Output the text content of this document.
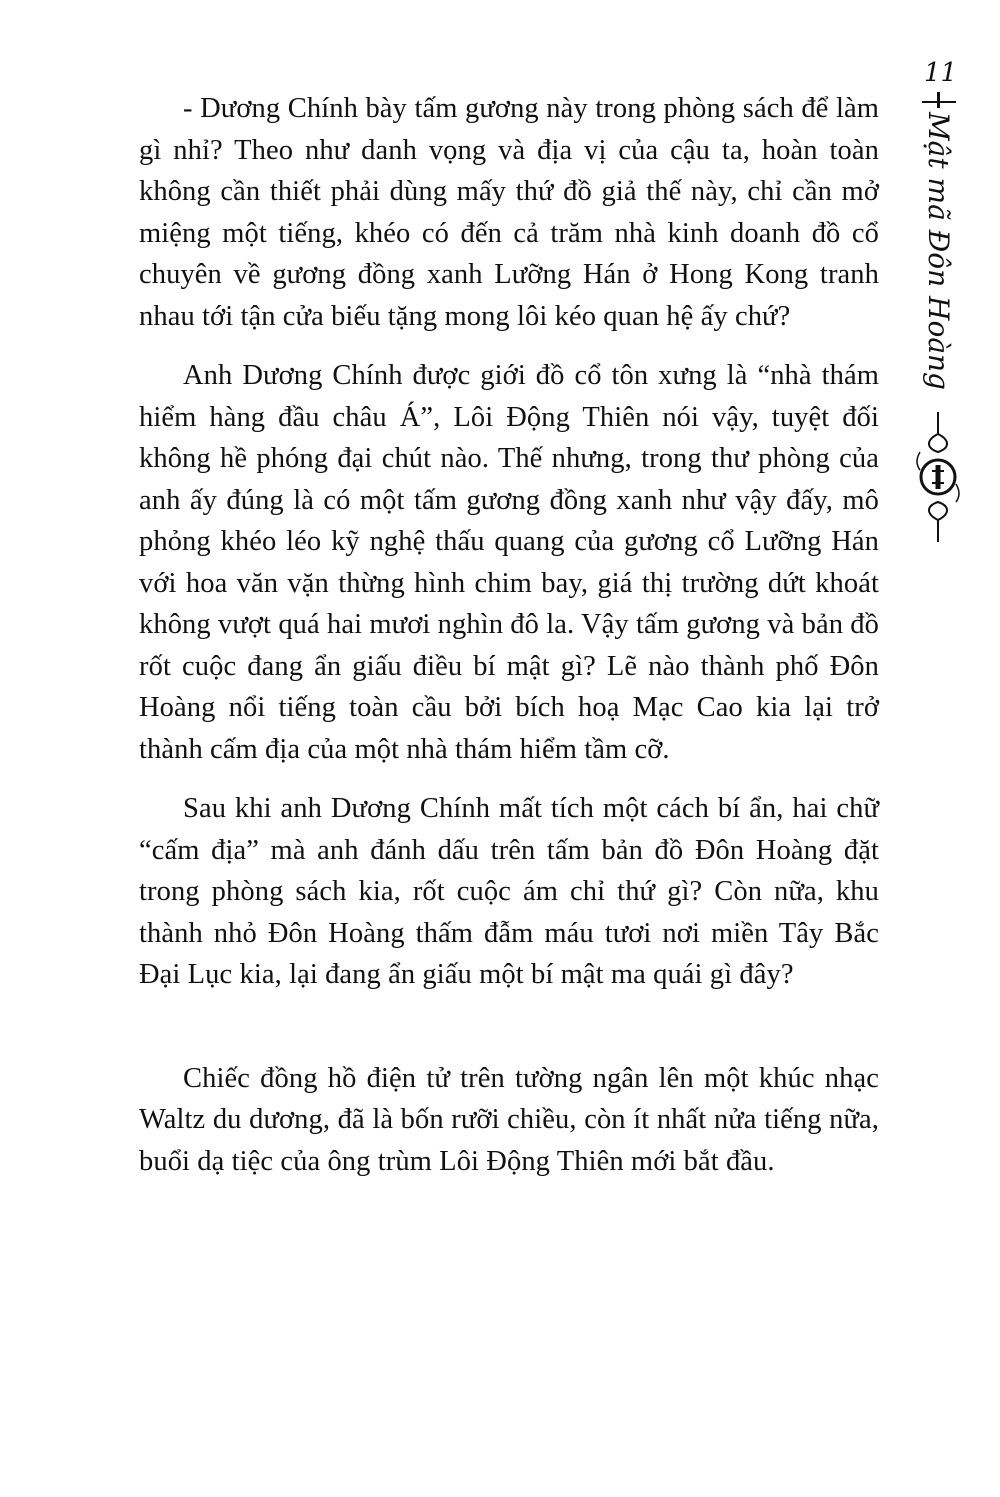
- Dương Chính bày tấm gương này trong phòng sách để làm gì nhỉ? Theo như danh vọng và địa vị của cậu ta, hoàn toàn không cần thiết phải dùng mấy thứ đồ giả thế này, chỉ cần mở miệng một tiếng, khéo có đến cả trăm nhà kinh doanh đồ cổ chuyên về gương đồng xanh Lưỡng Hán ở Hong Kong tranh nhau tới tận cửa biếu tặng mong lôi kéo quan hệ ấy chứ?

Anh Dương Chính được giới đồ cổ tôn xưng là “nhà thám hiểm hàng đầu châu Á”, Lôi Động Thiên nói vậy, tuyệt đối không hề phóng đại chút nào. Thế nhưng, trong thư phòng của anh ấy đúng là có một tấm gương đồng xanh như vậy đấy, mô phỏng khéo léo kỹ nghệ thấu quang của gương cổ Lưỡng Hán với hoa văn vặn thừng hình chim bay, giá thị trường dứt khoát không vượt quá hai mươi nghìn đô la. Vậy tấm gương và bản đồ rốt cuộc đang ẩn giấu điều bí mật gì? Lẽ nào thành phố Đôn Hoàng nổi tiếng toàn cầu bởi bích hoạ Mạc Cao kia lại trở thành cấm địa của một nhà thám hiểm tầm cỡ.

Sau khi anh Dương Chính mất tích một cách bí ẩn, hai chữ “cấm địa” mà anh đánh dấu trên tấm bản đồ Đôn Hoàng đặt trong phòng sách kia, rốt cuộc ám chỉ thứ gì? Còn nữa, khu thành nhỏ Đôn Hoàng thấm đẫm máu tươi nơi miền Tây Bắc Đại Lục kia, lại đang ẩn giấu một bí mật ma quái gì đây?

Chiếc đồng hồ điện tử trên tường ngân lên một khúc nhạc Waltz du dương, đã là bốn rưỡi chiều, còn ít nhất nửa tiếng nữa, buổi dạ tiệc của ông trùm Lôi Động Thiên mới bắt đầu.

11
Mật mã Đôn Hoàng
